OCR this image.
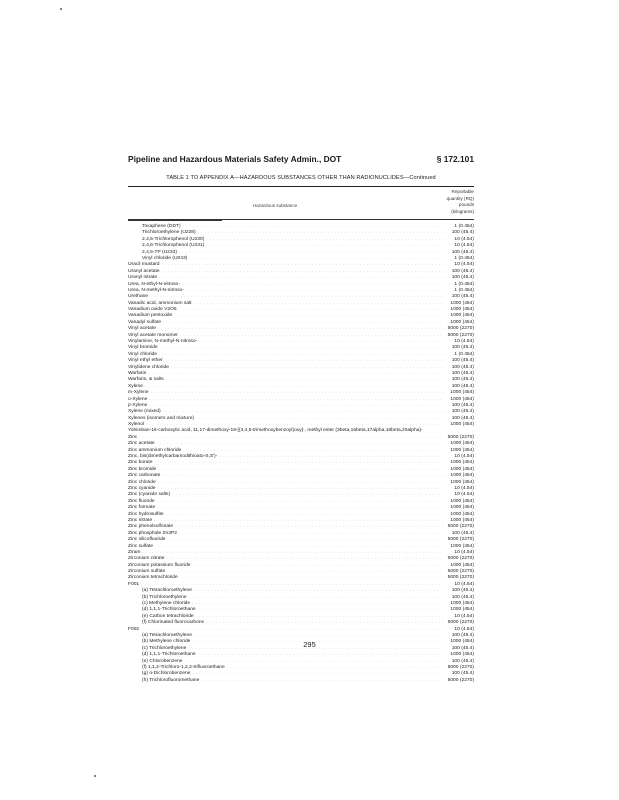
Pipeline and Hazardous Materials Safety Admin., DOT	§ 172.101
TABLE 1 TO APPENDIX A—HAZARDOUS SUBSTANCES OTHER THAN RADIONUCLIDES—Continued
Hazardous substance
Reportable
quantity (RQ)
pounds
(kilograms)
Toxaphene (DDT) . . .	1 (0.454)
Trichloroethylene (U228) . . .	100 (45.4)
2,4,5-Trichlorophenol (U230) . . .	10 (4.54)
2,4,6-Trichlorophenol (U231) . . .	10 (4.54)
2,4,5-TP (U233) . . .	100 (45.4)
Vinyl chloride (U043) . . .	1 (0.454)
Uracil mustard . . .	10 (4.54)
Uranyl acetate . . .	100 (45.4)
Uranyl nitrate . . .	100 (45.4)
Urea, N-ethyl-N-nitroso- . . .	1 (0.454)
Urea, N-methyl-N-nitroso- . . .	1 (0.454)
Urethane . . .	100 (45.4)
Vanadic acid, ammonium salt . . .	1000 (454)
Vanadium oxide V2O5 . . .	1000 (454)
Vanadium pentoxide . . .	1000 (454)
Vanadyl sulfate . . .	1000 (454)
Vinyl acetate . . .	5000 (2270)
Vinyl acetate monomer . . .	5000 (2270)
Vinylamine, N-methyl-N-nitroso- . . .	10 (4.54)
Vinyl bromide . . .	100 (45.4)
Vinyl chloride . . .	1 (0.454)
Vinyl ethyl ether . . .	100 (45.4)
Vinylidene chloride . . .	100 (45.4)
Warfarin . . .	100 (45.4)
Warfarin, & salts . . .	100 (45.4)
Xylene . . .	100 (45.4)
m-Xylene . . .	1000 (454)
o-Xylene . . .	1000 (454)
p-Xylene . . .	100 (45.4)
Xylene (mixed) . . .	100 (45.4)
Xylenes (isomers and mixture) . . .	100 (45.4)
Xylenol . . .	1000 (454)
Yohimban-16-carboxylic acid, 11,17-dimethoxy-18-[(3,4,5-trimethoxybenzoyl)oxy]-, methyl ester (3beta,16beta,17alpha,18beta,20alpha)-
Zinc . . .	5000 (2270)
Zinc acetate . . .	1000 (454)
Zinc ammonium chloride . . .	1000 (454)
Zinc, bis(dimethylcarbamodithioato-S,S')- . . .	10 (4.54)
Zinc borate . . .	1000 (454)
Zinc bromide . . .	1000 (454)
Zinc carbonate . . .	1000 (454)
Zinc chloride . . .	1000 (454)
Zinc cyanide . . .	10 (4.54)
Zinc (cyanide salts) . . .	10 (4.54)
Zinc fluoride . . .	1000 (454)
Zinc formate . . .	1000 (454)
Zinc hydrosulfite . . .	1000 (454)
Zinc nitrate . . .	1000 (454)
Zinc phenolsulfonate . . .	5000 (2270)
Zinc phosphide Zn3P2 . . .	100 (45.4)
Zinc silicofluoride . . .	5000 (2270)
Zinc sulfate . . .	1000 (454)
Ziram . . .	10 (4.54)
Zirconium nitrate . . .	5000 (2270)
Zirconium potassium fluoride . . .	1000 (454)
Zirconium sulfate . . .	5000 (2270)
Zirconium tetrachloride . . .	5000 (2270)
F001 . . .	10 (4.54)
(a) Tetrachloroethylene . . .	100 (45.4)
(b) Trichloroethylene . . .	100 (45.4)
(c) Methylene chloride . . .	1000 (454)
(d) 1,1,1-Trichloroethane . . .	1000 (454)
(e) Carbon tetrachloride . . .	10 (4.54)
(f) Chlorinated fluorocarbons . . .	5000 (2270)
F002 . . .	10 (4.54)
(a) Tetrachloroethylene . . .	100 (45.4)
(b) Methylene chloride . . .	1000 (454)
(c) Trichloroethylene . . .	100 (45.4)
(d) 1,1,1-Trichloroethane . . .	1000 (454)
(e) Chlorobenzene . . .	100 (45.4)
(f) 1,1,2-Trichloro-1,2,2-trifluoroethane . . .	5000 (2270)
(g) o-Dichlorobenzene . . .	100 (45.4)
(h) Trichlorofluoromethane . . .	5000 (2270)
295
